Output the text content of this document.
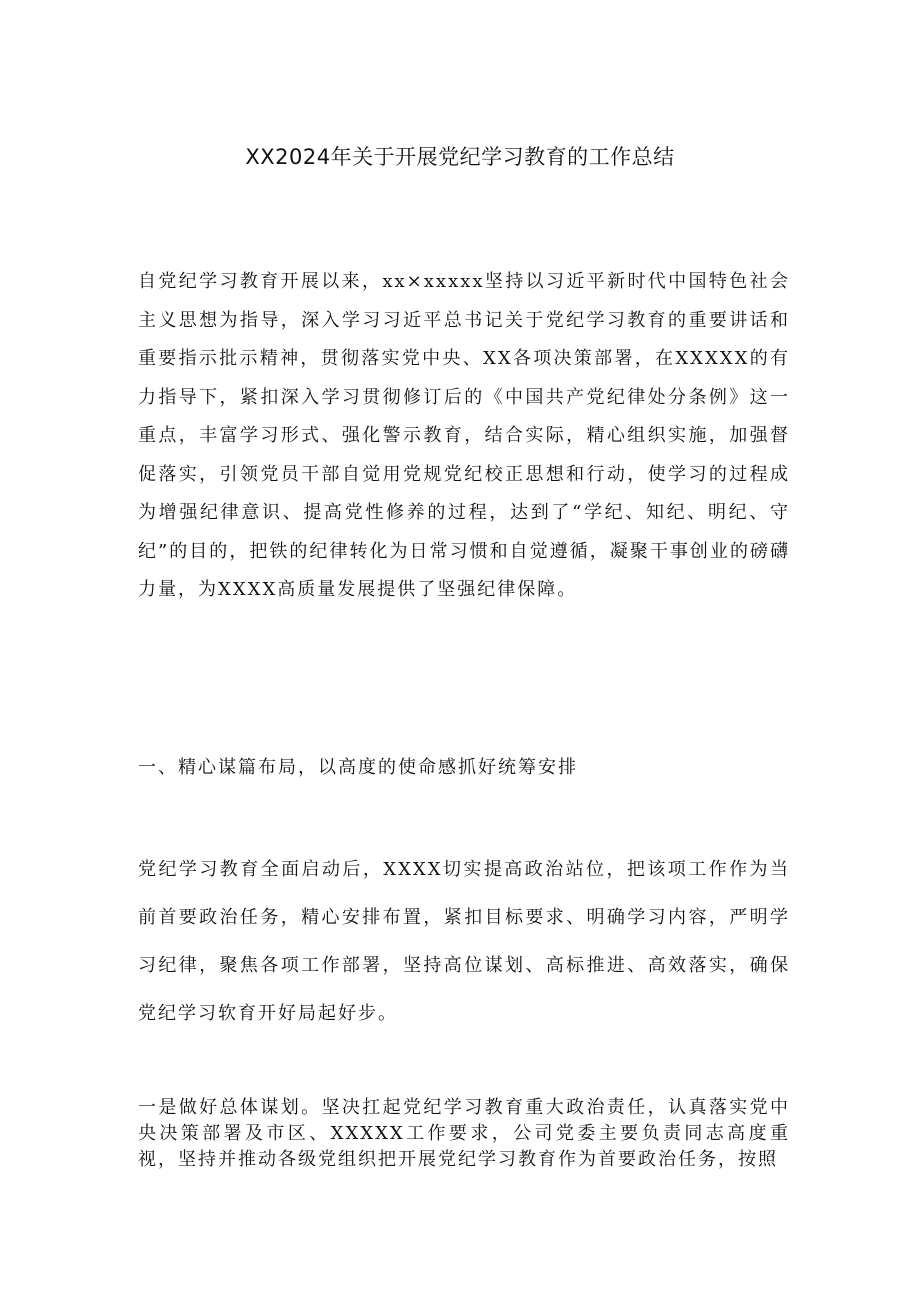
XX2024年关于开展党纪学习教育的工作总结

自党纪学习教育开展以来，xx×xxxxx坚持以习近平新时代中国特色社会主义思想为指导，深入学习习近平总书记关于党纪学习教育的重要讲话和重要指示批示精神，贯彻落实党中央、XX各项决策部署，在XXXXX的有力指导下，紧扣深入学习贯彻修订后的《中国共产党纪律处分条例》这一重点，丰富学习形式、强化警示教育，结合实际，精心组织实施，加强督促落实，引领党员干部自觉用党规党纪校正思想和行动，使学习的过程成为增强纪律意识、提高党性修养的过程，达到了“学纪、知纪、明纪、守纪”的目的，把铁的纪律转化为日常习惯和自觉遵循，凝聚干事创业的磅礴力量，为XXXX高质量发展提供了坚强纪律保障。

一、精心谋篇布局，以高度的使命感抓好统筹安排

党纪学习教育全面启动后，XXXX切实提高政治站位，把该项工作作为当前首要政治任务，精心安排布置，紧扣目标要求、明确学习内容，严明学习纪律，聚焦各项工作部署，坚持高位谋划、高标推进、高效落实，确保党纪学习软育开好局起好步。

一是做好总体谋划。坚决扛起党纪学习教育重大政治责任，认真落实党中央决策部署及市区、XXXXX工作要求，公司党委主要负责同志高度重视，坚持并推动各级党组织把开展党纪学习教育作为首要政治任务，按照
